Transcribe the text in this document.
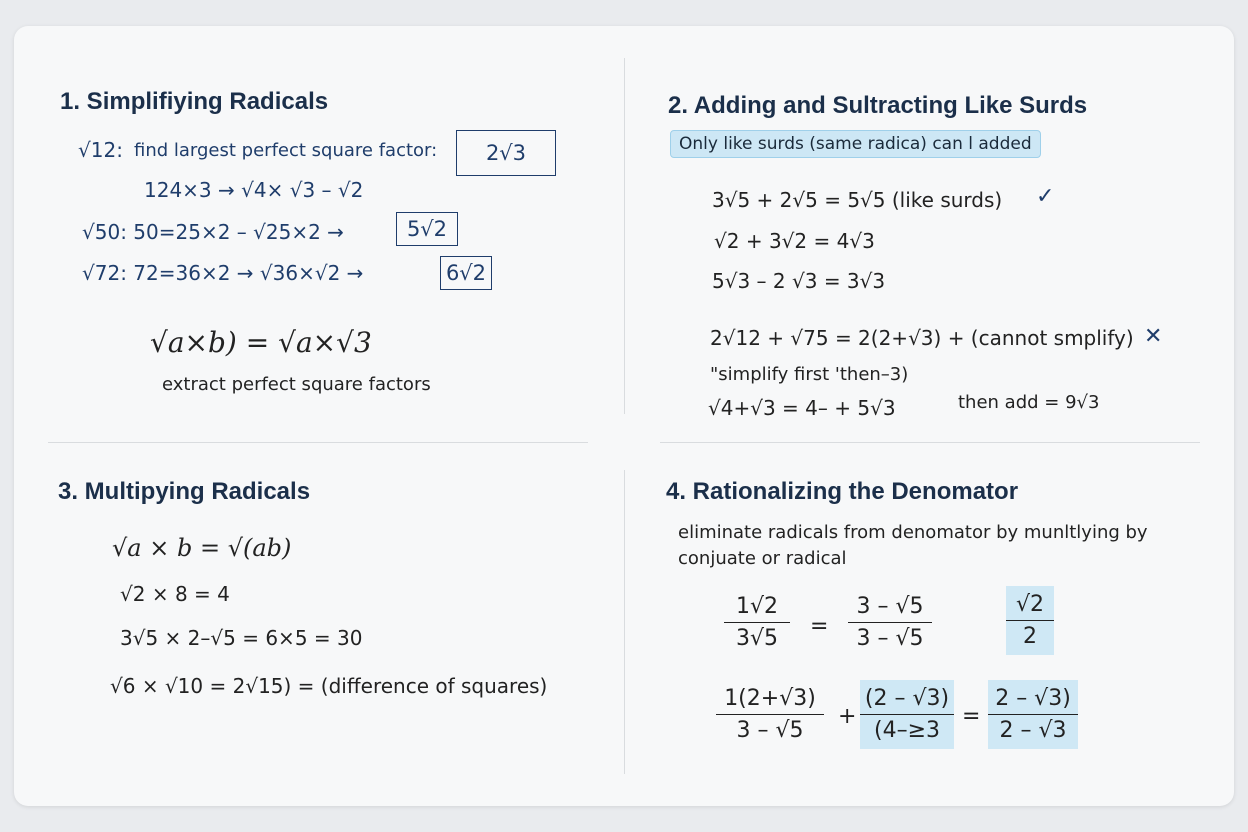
1. Simplifiying Radicals
√12: find largest perfect square factor:	2√3
124×3 → √4× √3 – √2
√50: 50=25×2 – √25×2 →	5√2
√72: 72=36×2 → √36×√2 →	6√2
√a×b) = √a×√3
extract perfect square factors
2. Adding and Sultracting Like Surds
Only like surds (same radica) can l added
3√5 + 2√5 = 5√5 (like surds) ✓
√2 + 3√2 = 4√3
5√3 – 2 √3 = 3√3
2√12 + √75 = 2(2+√3) + (cannot smplify) ✕
"simplify first 'then–3)
√4+√3 = 4– + 5√3	then add = 9√3
3. Multipying Radicals
√a × b = √(ab)
√2 × 8 = 4
3√5 × 2–√5 = 6×5 = 30
√6 × √10 = 2√15) = (difference of squares)
4. Rationalizing the Denomator
eliminate radicals from denomator by munltlying by
conjuate or radical
$\frac{1√2}{3√5} = \frac{3 - √5}{3 - √5}$	$\frac{√2}{2}$
$\frac{1(2+√3)}{3 - √5} + \frac{(2 - √3)}{(4-\ge 3} = \frac{2 - √3)}{2 - √3}$
